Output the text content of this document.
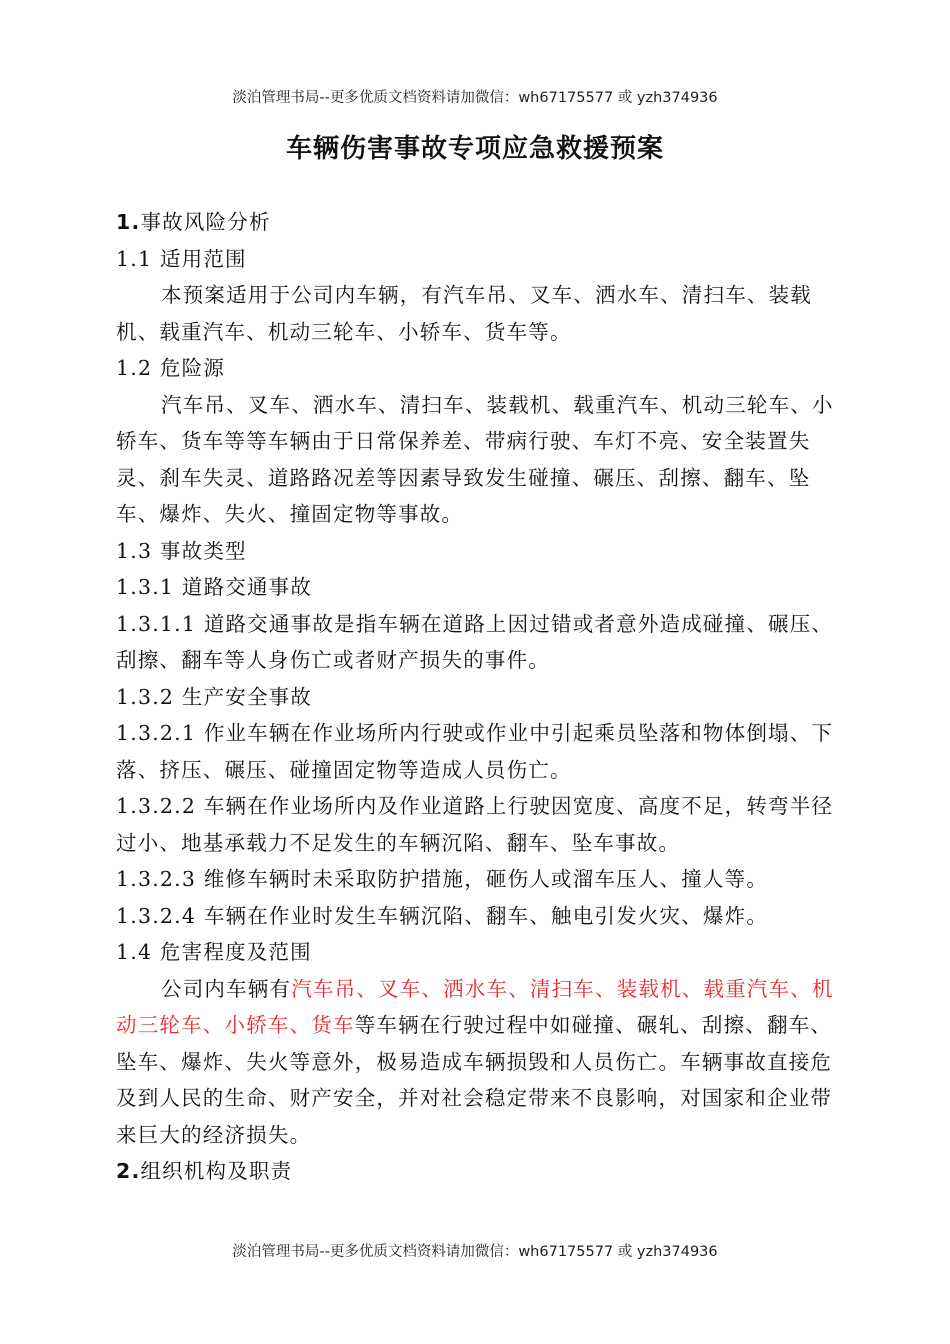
淡泊管理书局--更多优质文档资料请加微信：wh67175577 或 yzh374936
车辆伤害事故专项应急救援预案

1.事故风险分析

1.1 适用范围

本预案适用于公司内车辆，有汽车吊、叉车、洒水车、清扫车、装载机、载重汽车、机动三轮车、小轿车、货车等。

1.2 危险源

汽车吊、叉车、洒水车、清扫车、装载机、载重汽车、机动三轮车、小轿车、货车等等车辆由于日常保养差、带病行驶、车灯不亮、安全装置失灵、刹车失灵、道路路况差等因素导致发生碰撞、碾压、刮擦、翻车、坠车、爆炸、失火、撞固定物等事故。

1.3 事故类型

1.3.1 道路交通事故

1.3.1.1 道路交通事故是指车辆在道路上因过错或者意外造成碰撞、碾压、刮擦、翻车等人身伤亡或者财产损失的事件。

1.3.2 生产安全事故

1.3.2.1 作业车辆在作业场所内行驶或作业中引起乘员坠落和物体倒塌、下落、挤压、碾压、碰撞固定物等造成人员伤亡。

1.3.2.2 车辆在作业场所内及作业道路上行驶因宽度、高度不足，转弯半径过小、地基承载力不足发生的车辆沉陷、翻车、坠车事故。

1.3.2.3 维修车辆时未采取防护措施，砸伤人或溜车压人、撞人等。

1.3.2.4 车辆在作业时发生车辆沉陷、翻车、触电引发火灾、爆炸。

1.4 危害程度及范围

公司内车辆有汽车吊、叉车、洒水车、清扫车、装载机、载重汽车、机动三轮车、小轿车、货车等车辆在行驶过程中如碰撞、碾轧、刮擦、翻车、坠车、爆炸、失火等意外，极易造成车辆损毁和人员伤亡。车辆事故直接危及到人民的生命、财产安全，并对社会稳定带来不良影响，对国家和企业带来巨大的经济损失。

2.组织机构及职责

淡泊管理书局--更多优质文档资料请加微信：wh67175577 或 yzh374936
